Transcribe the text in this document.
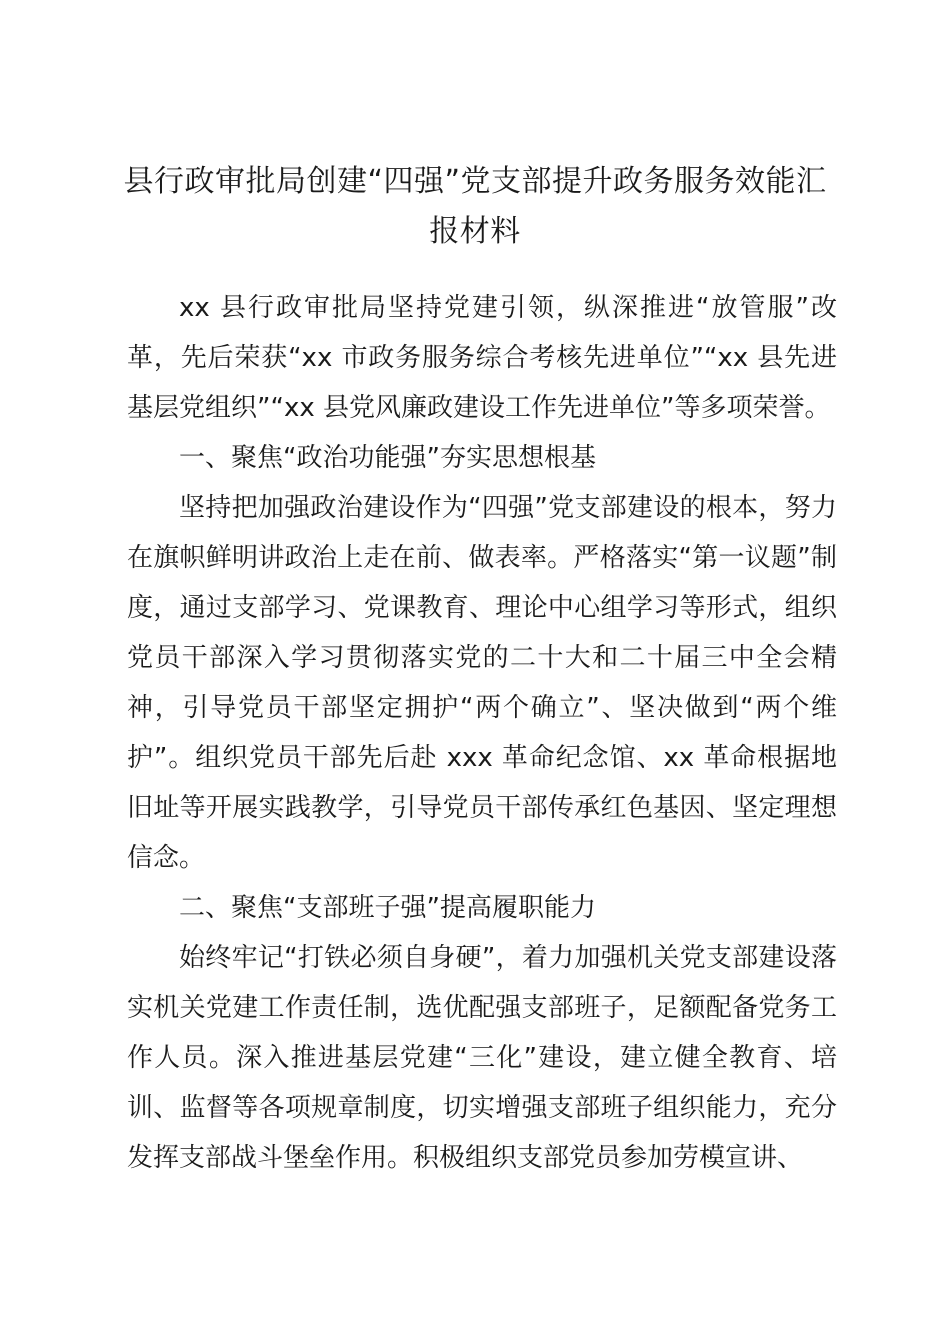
县行政审批局创建“四强”党支部提升政务服务效能汇
报材料

xx 县行政审批局坚持党建引领，纵深推进“放管服”改革，先后荣获“xx 市政务服务综合考核先进单位”“xx 县先进基层党组织”“xx 县党风廉政建设工作先进单位”等多项荣誉。

一、聚焦“政治功能强”夯实思想根基

坚持把加强政治建设作为“四强”党支部建设的根本，努力在旗帜鲜明讲政治上走在前、做表率。严格落实“第一议题”制度，通过支部学习、党课教育、理论中心组学习等形式，组织党员干部深入学习贯彻落实党的二十大和二十届三中全会精神，引导党员干部坚定拥护“两个确立”、坚决做到“两个维护”。组织党员干部先后赴 xxx 革命纪念馆、xx 革命根据地旧址等开展实践教学，引导党员干部传承红色基因、坚定理想信念。

二、聚焦“支部班子强”提高履职能力

始终牢记“打铁必须自身硬”，着力加强机关党支部建设落实机关党建工作责任制，选优配强支部班子，足额配备党务工作人员。深入推进基层党建“三化”建设，建立健全教育、培训、监督等各项规章制度，切实增强支部班子组织能力，充分发挥支部战斗堡垒作用。积极组织支部党员参加劳模宣讲、
